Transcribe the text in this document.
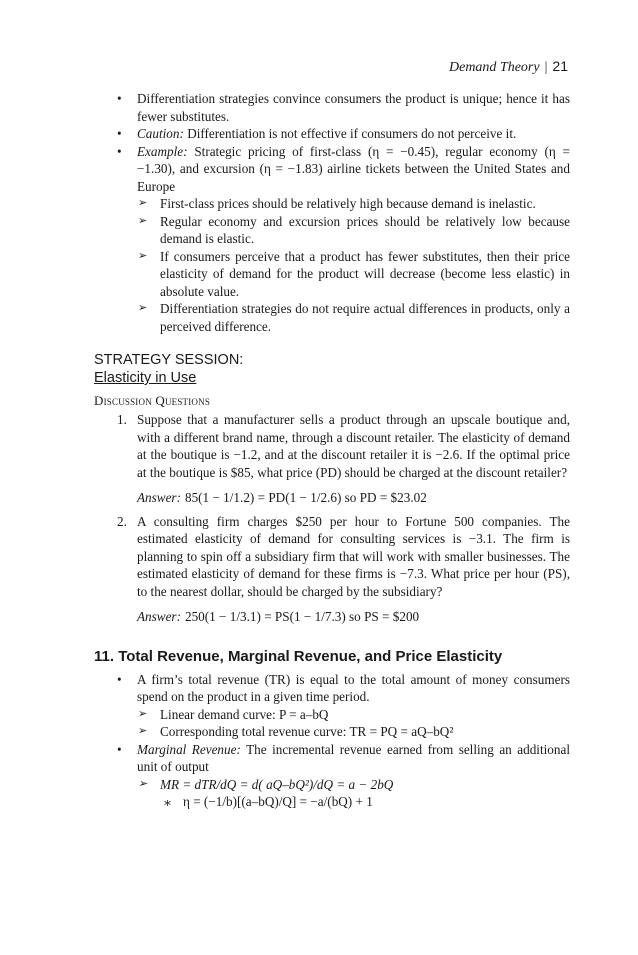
Demand Theory | 21

• Differentiation strategies convince consumers the product is unique; hence it has fewer substitutes.

• Caution: Differentiation is not effective if consumers do not perceive it.

• Example: Strategic pricing of first-class (η = −0.45), regular economy (η = −1.30), and excursion (η = −1.83) airline tickets between the United States and Europe

➢ First-class prices should be relatively high because demand is inelastic.

➢ Regular economy and excursion prices should be relatively low because demand is elastic.

➢ If consumers perceive that a product has fewer substitutes, then their price elasticity of demand for the product will decrease (become less elastic) in absolute value.

➢ Differentiation strategies do not require actual differences in products, only a perceived difference.

STRATEGY SESSION:
Elasticity in Use
Discussion Questions
1. Suppose that a manufacturer sells a product through an upscale boutique and, with a different brand name, through a discount retailer. The elasticity of demand at the boutique is −1.2, and at the discount retailer it is −2.6. If the optimal price at the boutique is $85, what price (PD) should be charged at the discount retailer?
Answer: 85(1 − 1/1.2) = PD(1 − 1/2.6) so PD = $23.02
2. A consulting firm charges $250 per hour to Fortune 500 companies. The estimated elasticity of demand for consulting services is −3.1. The firm is planning to spin off a subsidiary firm that will work with smaller businesses. The estimated elasticity of demand for these firms is −7.3. What price per hour (PS), to the nearest dollar, should be charged by the subsidiary?
Answer: 250(1 − 1/3.1) = PS(1 − 1/7.3) so PS = $200
11. Total Revenue, Marginal Revenue, and Price Elasticity

• A firm’s total revenue (TR) is equal to the total amount of money consumers spend on the product in a given time period.

➢ Linear demand curve: P = a–bQ

➢ Corresponding total revenue curve: TR = PQ = aQ–bQ²

• Marginal Revenue: The incremental revenue earned from selling an additional unit of output

➢ MR = dTR/dQ = d( aQ–bQ²)/dQ = a − 2bQ

∗ η = (−1/b)[(a–bQ)/Q] = −a/(bQ) + 1
